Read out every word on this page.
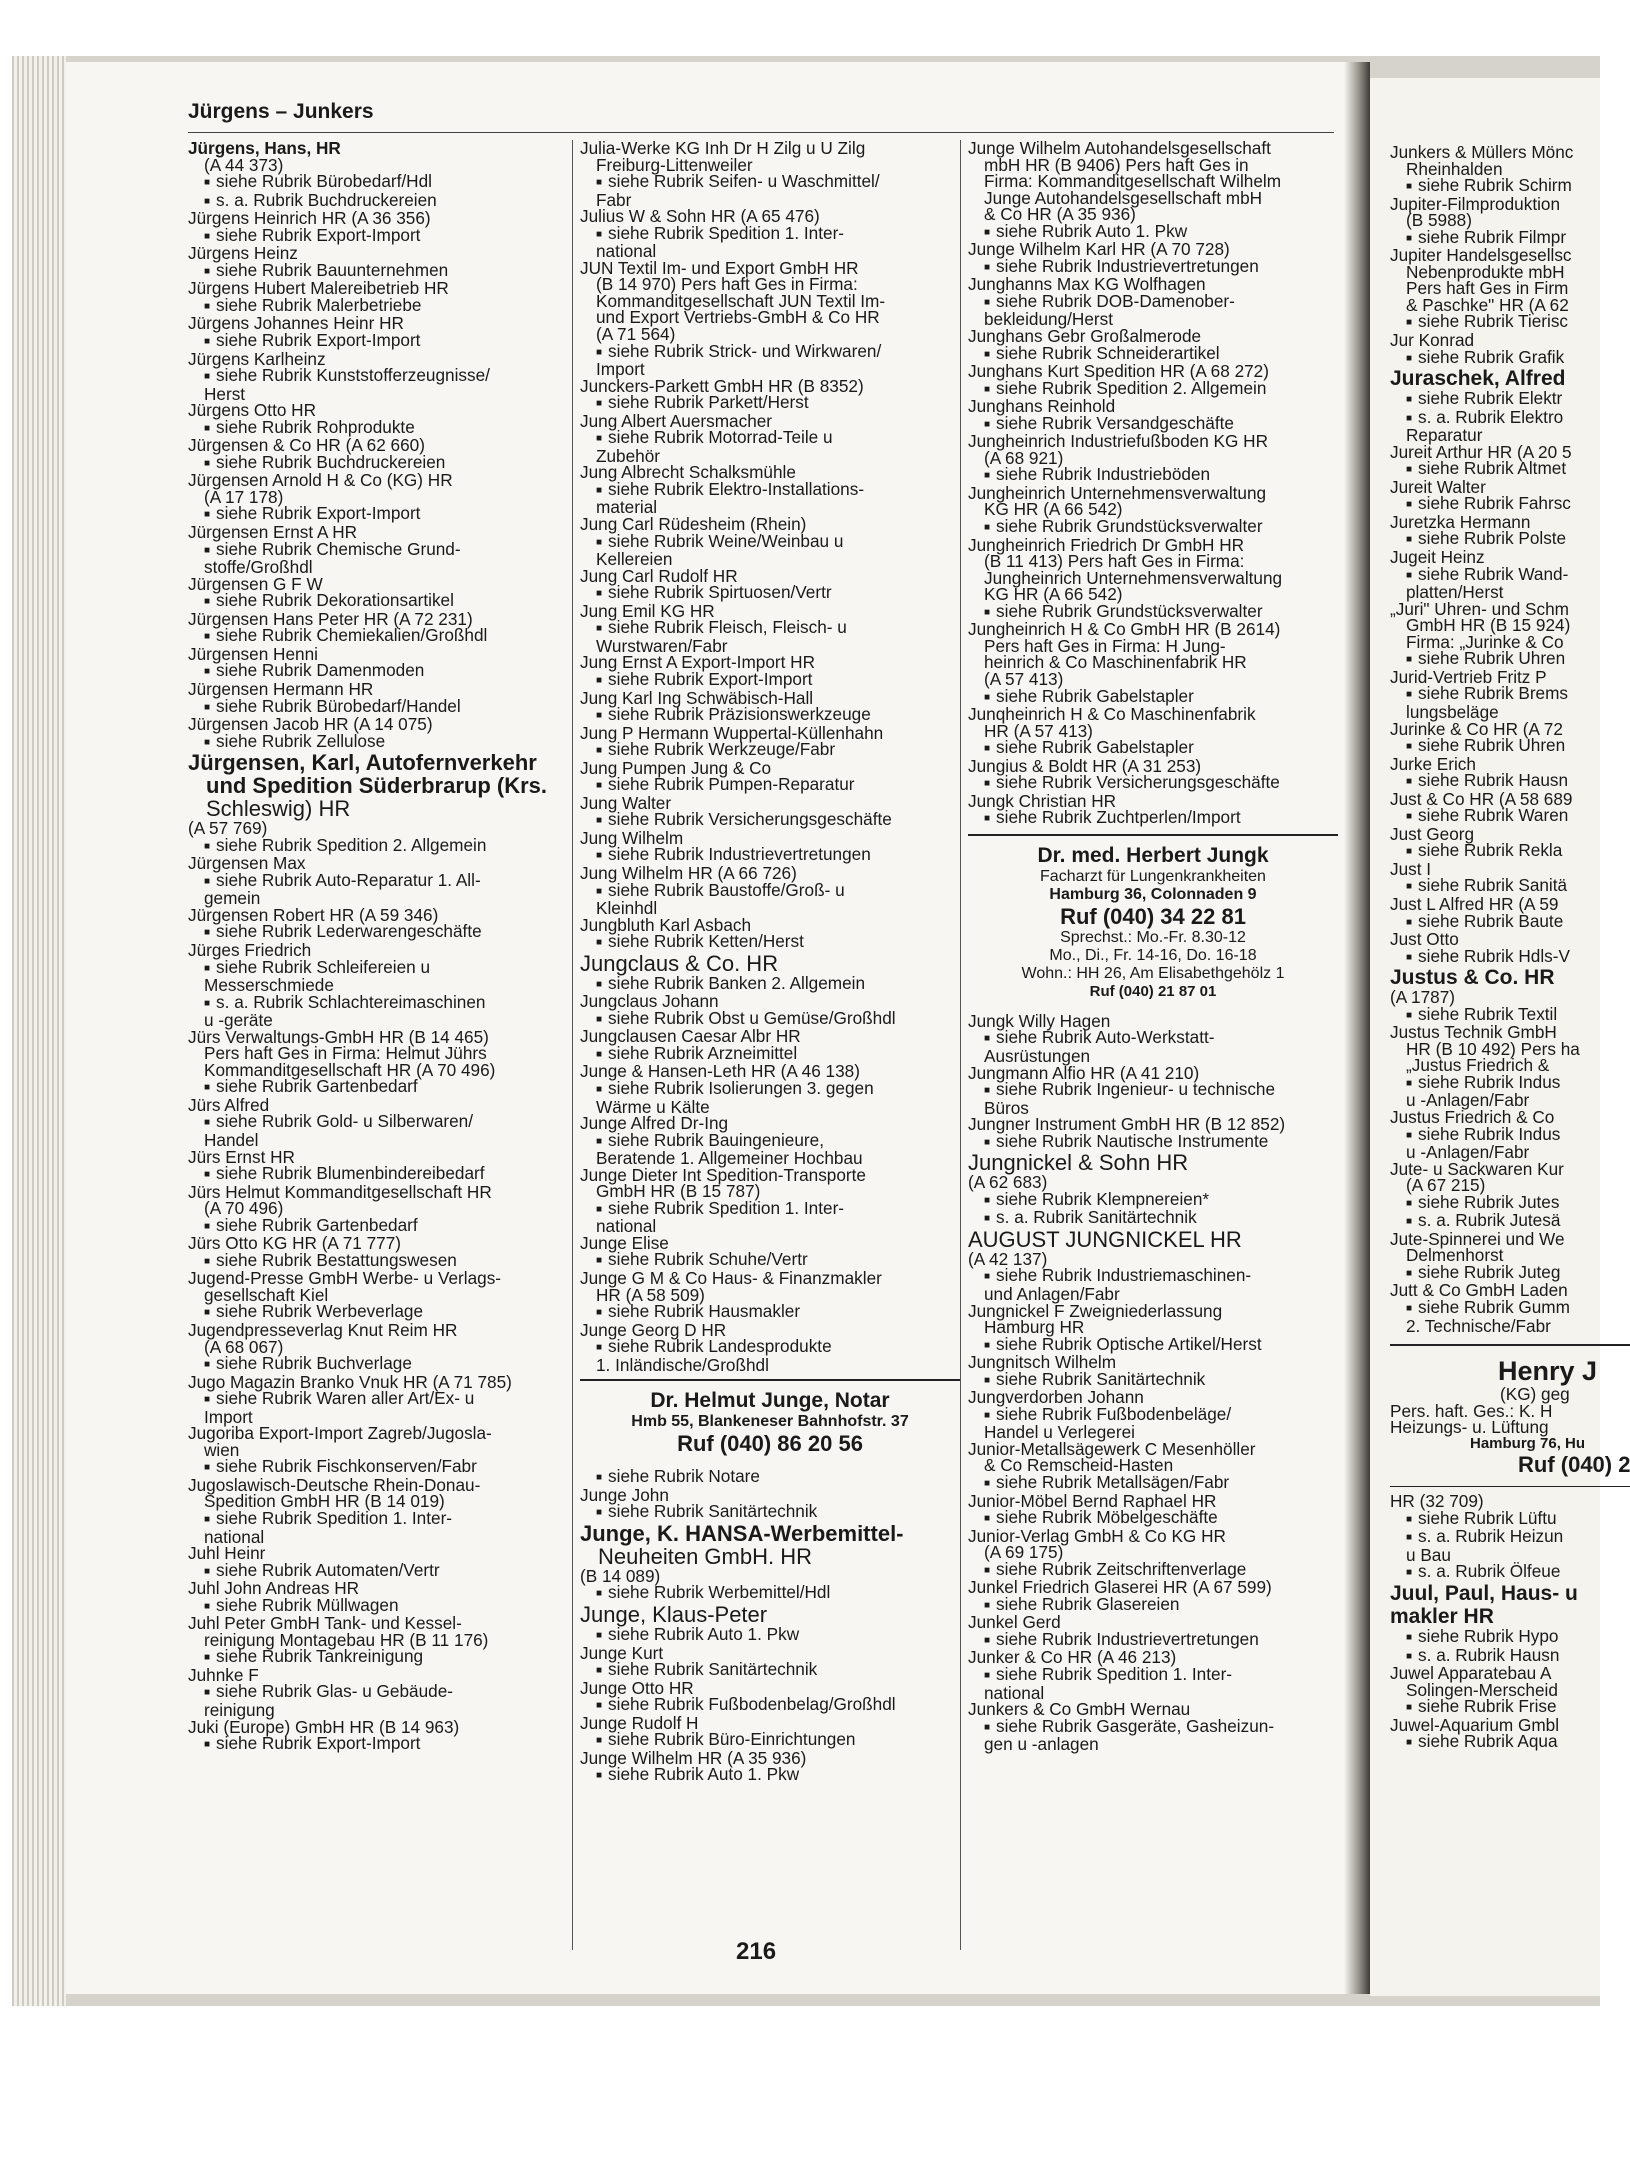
Jürgens – Junkers
Jürgens, Hans, HR
(A 44 373)
■ siehe Rubrik Bürobedarf/Hdl
■ s. a. Rubrik Buchdruckereien
Jürgens Heinrich HR (A 36 356)
■ siehe Rubrik Export-Import
Jürgens Heinz
■ siehe Rubrik Bauunternehmen
Jürgens Hubert Malereibetrieb HR
■ siehe Rubrik Malerbetriebe
Jürgens Johannes Heinr HR
■ siehe Rubrik Export-Import
Jürgens Karlheinz
■ siehe Rubrik Kunststofferzeugnisse/
Herst
Jürgens Otto HR
■ siehe Rubrik Rohprodukte
Jürgensen & Co HR (A 62 660)
■ siehe Rubrik Buchdruckereien
Jürgensen Arnold H & Co (KG) HR
(A 17 178)
■ siehe Rubrik Export-Import
Jürgensen Ernst A HR
■ siehe Rubrik Chemische Grund-
stoffe/Großhdl
Jürgensen G F W
■ siehe Rubrik Dekorationsartikel
Jürgensen Hans Peter HR (A 72 231)
■ siehe Rubrik Chemiekalien/Großhdl
Jürgensen Henni
■ siehe Rubrik Damenmoden
Jürgensen Hermann HR
■ siehe Rubrik Bürobedarf/Handel
Jürgensen Jacob HR (A 14 075)
■ siehe Rubrik Zellulose
Jürgensen, Karl, Autofernverkehr
und Spedition Süderbrarup (Krs.
Schleswig) HR
(A 57 769)
■ siehe Rubrik Spedition 2. Allgemein
Jürgensen Max
■ siehe Rubrik Auto-Reparatur 1. All-
gemein
Jürgensen Robert HR (A 59 346)
■ siehe Rubrik Lederwarengeschäfte
Jürges Friedrich
■ siehe Rubrik Schleifereien u
Messerschmiede
■ s. a. Rubrik Schlachtereimaschinen
u -geräte
Jürs Verwaltungs-GmbH HR (B 14 465)
Pers haft Ges in Firma: Helmut Jührs
Kommanditgesellschaft HR (A 70 496)
■ siehe Rubrik Gartenbedarf
Jürs Alfred
■ siehe Rubrik Gold- u Silberwaren/
Handel
Jürs Ernst HR
■ siehe Rubrik Blumenbindereibedarf
Jürs Helmut Kommanditgesellschaft HR
(A 70 496)
■ siehe Rubrik Gartenbedarf
Jürs Otto KG HR (A 71 777)
■ siehe Rubrik Bestattungswesen
Jugend-Presse GmbH Werbe- u Verlags-
gesellschaft Kiel
■ siehe Rubrik Werbeverlage
Jugendpresseverlag Knut Reim HR
(A 68 067)
■ siehe Rubrik Buchverlage
Jugo Magazin Branko Vnuk HR (A 71 785)
■ siehe Rubrik Waren aller Art/Ex- u
Import
Jugoriba Export-Import Zagreb/Jugosla-
wien
■ siehe Rubrik Fischkonserven/Fabr
Jugoslawisch-Deutsche Rhein-Donau-
Spedition GmbH HR (B 14 019)
■ siehe Rubrik Spedition 1. Inter-
national
Juhl Heinr
■ siehe Rubrik Automaten/Vertr
Juhl John Andreas HR
■ siehe Rubrik Müllwagen
Juhl Peter GmbH Tank- und Kessel-
reinigung Montagebau HR (B 11 176)
■ siehe Rubrik Tankreinigung
Juhnke F
■ siehe Rubrik Glas- u Gebäude-
reinigung
Juki (Europe) GmbH HR (B 14 963)
■ siehe Rubrik Export-Import
Julia-Werke KG Inh Dr H Zilg u U Zilg
Freiburg-Littenweiler
■ siehe Rubrik Seifen- u Waschmittel/
Fabr
Julius W & Sohn HR (A 65 476)
■ siehe Rubrik Spedition 1. Inter-
national
JUN Textil Im- und Export GmbH HR
(B 14 970) Pers haft Ges in Firma:
Kommanditgesellschaft JUN Textil Im-
und Export Vertriebs-GmbH & Co HR
(A 71 564)
■ siehe Rubrik Strick- und Wirkwaren/
Import
Junckers-Parkett GmbH HR (B 8352)
■ siehe Rubrik Parkett/Herst
Jung Albert Auersmacher
■ siehe Rubrik Motorrad-Teile u
Zubehör
Jung Albrecht Schalksmühle
■ siehe Rubrik Elektro-Installations-
material
Jung Carl Rüdesheim (Rhein)
■ siehe Rubrik Weine/Weinbau u
Kellereien
Jung Carl Rudolf HR
■ siehe Rubrik Spirtuosen/Vertr
Jung Emil KG HR
■ siehe Rubrik Fleisch, Fleisch- u
Wurstwaren/Fabr
Jung Ernst A Export-Import HR
■ siehe Rubrik Export-Import
Jung Karl Ing Schwäbisch-Hall
■ siehe Rubrik Präzisionswerkzeuge
Jung P Hermann Wuppertal-Küllenhahn
■ siehe Rubrik Werkzeuge/Fabr
Jung Pumpen Jung & Co
■ siehe Rubrik Pumpen-Reparatur
Jung Walter
■ siehe Rubrik Versicherungsgeschäfte
Jung Wilhelm
■ siehe Rubrik Industrievertretungen
Jung Wilhelm HR (A 66 726)
■ siehe Rubrik Baustoffe/Groß- u
Kleinhdl
Jungbluth Karl Asbach
■ siehe Rubrik Ketten/Herst
Jungclaus & Co. HR
■ siehe Rubrik Banken 2. Allgemein
Jungclaus Johann
■ siehe Rubrik Obst u Gemüse/Großhdl
Jungclausen Caesar Albr HR
■ siehe Rubrik Arzneimittel
Junge & Hansen-Leth HR (A 46 138)
■ siehe Rubrik Isolierungen 3. gegen
Wärme u Kälte
Junge Alfred Dr-Ing
■ siehe Rubrik Bauingenieure,
Beratende 1. Allgemeiner Hochbau
Junge Dieter Int Spedition-Transporte
GmbH HR (B 15 787)
■ siehe Rubrik Spedition 1. Inter-
national
Junge Elise
■ siehe Rubrik Schuhe/Vertr
Junge G M & Co Haus- & Finanzmakler
HR (A 58 509)
■ siehe Rubrik Hausmakler
Junge Georg D HR
■ siehe Rubrik Landesprodukte
1. Inländische/Großhdl
Dr. Helmut Junge, Notar
Hmb 55, Blankeneser Bahnhofstr. 37
Ruf (040) 86 20 56
■ siehe Rubrik Notare
Junge John
■ siehe Rubrik Sanitärtechnik
Junge, K. HANSA-Werbemittel-
Neuheiten GmbH. HR
(B 14 089)
■ siehe Rubrik Werbemittel/Hdl
Junge, Klaus-Peter
■ siehe Rubrik Auto 1. Pkw
Junge Kurt
■ siehe Rubrik Sanitärtechnik
Junge Otto HR
■ siehe Rubrik Fußbodenbelag/Großhdl
Junge Rudolf H
■ siehe Rubrik Büro-Einrichtungen
Junge Wilhelm HR (A 35 936)
■ siehe Rubrik Auto 1. Pkw
Junge Wilhelm Autohandelsgesellschaft
mbH HR (B 9406) Pers haft Ges in
Firma: Kommanditgesellschaft Wilhelm
Junge Autohandelsgesellschaft mbH
& Co HR (A 35 936)
■ siehe Rubrik Auto 1. Pkw
Junge Wilhelm Karl HR (A 70 728)
■ siehe Rubrik Industrievertretungen
Junghanns Max KG Wolfhagen
■ siehe Rubrik DOB-Damenober-
bekleidung/Herst
Junghans Gebr Großalmerode
■ siehe Rubrik Schneiderartikel
Junghans Kurt Spedition HR (A 68 272)
■ siehe Rubrik Spedition 2. Allgemein
Junghans Reinhold
■ siehe Rubrik Versandgeschäfte
Jungheinrich Industriefußboden KG HR
(A 68 921)
■ siehe Rubrik Industrieböden
Jungheinrich Unternehmensverwaltung
KG HR (A 66 542)
■ siehe Rubrik Grundstücksverwalter
Jungheinrich Friedrich Dr GmbH HR
(B 11 413) Pers haft Ges in Firma:
Jungheinrich Unternehmensverwaltung
KG HR (A 66 542)
■ siehe Rubrik Grundstücksverwalter
Jungheinrich H & Co GmbH HR (B 2614)
Pers haft Ges in Firma: H Jung-
heinrich & Co Maschinenfabrik HR
(A 57 413)
■ siehe Rubrik Gabelstapler
Junqheinrich H & Co Maschinenfabrik
HR (A 57 413)
■ siehe Rubrik Gabelstapler
Jungius & Boldt HR (A 31 253)
■ siehe Rubrik Versicherungsgeschäfte
Jungk Christian HR
■ siehe Rubrik Zuchtperlen/Import
Dr. med. Herbert Jungk
Facharzt für Lungenkrankheiten
Hamburg 36, Colonnaden 9
Ruf (040) 34 22 81
Sprechst.: Mo.-Fr. 8.30-12
Mo., Di., Fr. 14-16, Do. 16-18
Wohn.: HH 26, Am Elisabethgehölz 1
Ruf (040) 21 87 01
Jungk Willy Hagen
■ siehe Rubrik Auto-Werkstatt-
Ausrüstungen
Jungmann Alfio HR (A 41 210)
■ siehe Rubrik Ingenieur- u technische
Büros
Jungner Instrument GmbH HR (B 12 852)
■ siehe Rubrik Nautische Instrumente
Jungnickel & Sohn HR
(A 62 683)
■ siehe Rubrik Klempnereien*
■ s. a. Rubrik Sanitärtechnik
AUGUST JUNGNICKEL HR
(A 42 137)
■ siehe Rubrik Industriemaschinen-
und Anlagen/Fabr
Jungnickel F Zweigniederlassung
Hamburg HR
■ siehe Rubrik Optische Artikel/Herst
Jungnitsch Wilhelm
■ siehe Rubrik Sanitärtechnik
Jungverdorben Johann
■ siehe Rubrik Fußbodenbeläge/
Handel u Verlegerei
Junior-Metallsägewerk C Mesenhöller
& Co Remscheid-Hasten
■ siehe Rubrik Metallsägen/Fabr
Junior-Möbel Bernd Raphael HR
■ siehe Rubrik Möbelgeschäfte
Junior-Verlag GmbH & Co KG HR
(A 69 175)
■ siehe Rubrik Zeitschriftenverlage
Junkel Friedrich Glaserei HR (A 67 599)
■ siehe Rubrik Glasereien
Junkel Gerd
■ siehe Rubrik Industrievertretungen
Junker & Co HR (A 46 213)
■ siehe Rubrik Spedition 1. Inter-
national
Junkers & Co GmbH Wernau
■ siehe Rubrik Gasgeräte, Gasheizun-
gen u -anlagen
Junkers & Müllers Mönc
Rheinhalden
■ siehe Rubrik Schirm
Jupiter-Filmproduktion
(B 5988)
■ siehe Rubrik Filmpr
Jupiter Handelsgesellsc
Nebenprodukte mbH
Pers haft Ges in Firm
& Paschke" HR (A 62
■ siehe Rubrik Tierisc
Jur Konrad
■ siehe Rubrik Grafik
Juraschek, Alfred
■ siehe Rubrik Elektr
■ s. a. Rubrik Elektro
Reparatur
Jureit Arthur HR (A 20 5
■ siehe Rubrik Altmet
Jureit Walter
■ siehe Rubrik Fahrsc
Juretzka Hermann
■ siehe Rubrik Polste
Jugeit Heinz
■ siehe Rubrik Wand-
platten/Herst
„Juri" Uhren- und Schm
GmbH HR (B 15 924)
Firma: „Jurinke & Co
■ siehe Rubrik Uhren
Jurid-Vertrieb Fritz P
■ siehe Rubrik Brems
lungsbeläge
Jurinke & Co HR (A 72
■ siehe Rubrik Uhren
Jurke Erich
■ siehe Rubrik Hausn
Just & Co HR (A 58 689
■ siehe Rubrik Waren
Just Georg
■ siehe Rubrik Rekla
Just I
■ siehe Rubrik Sanitä
Just L Alfred HR (A 59
■ siehe Rubrik Baute
Just Otto
■ siehe Rubrik Hdls-V
Justus & Co. HR
(A 1787)
■ siehe Rubrik Textil
Justus Technik GmbH
HR (B 10 492) Pers ha
„Justus Friedrich &
■ siehe Rubrik Indus
u -Anlagen/Fabr
Justus Friedrich & Co
■ siehe Rubrik Indus
u -Anlagen/Fabr
Jute- u Sackwaren Kur
(A 67 215)
■ siehe Rubrik Jutes
■ s. a. Rubrik Jutesä
Jute-Spinnerei und We
Delmenhorst
■ siehe Rubrik Juteg
Jutt & Co GmbH Laden
■ siehe Rubrik Gumm
2. Technische/Fabr
Henry J
(KG) geg
Pers. haft. Ges.: K. H
Heizungs- u. Lüftung
Hamburg 76, Hu
Ruf (040) 2
HR (32 709)
■ siehe Rubrik Lüftu
■ s. a. Rubrik Heizun
u Bau
■ s. a. Rubrik Ölfeue
Juul, Paul, Haus- u
makler HR
■ siehe Rubrik Hypo
■ s. a. Rubrik Hausn
Juwel Apparatebau A
Solingen-Merscheid
■ siehe Rubrik Frise
Juwel-Aquarium Gmbl
■ siehe Rubrik Aqua
216
